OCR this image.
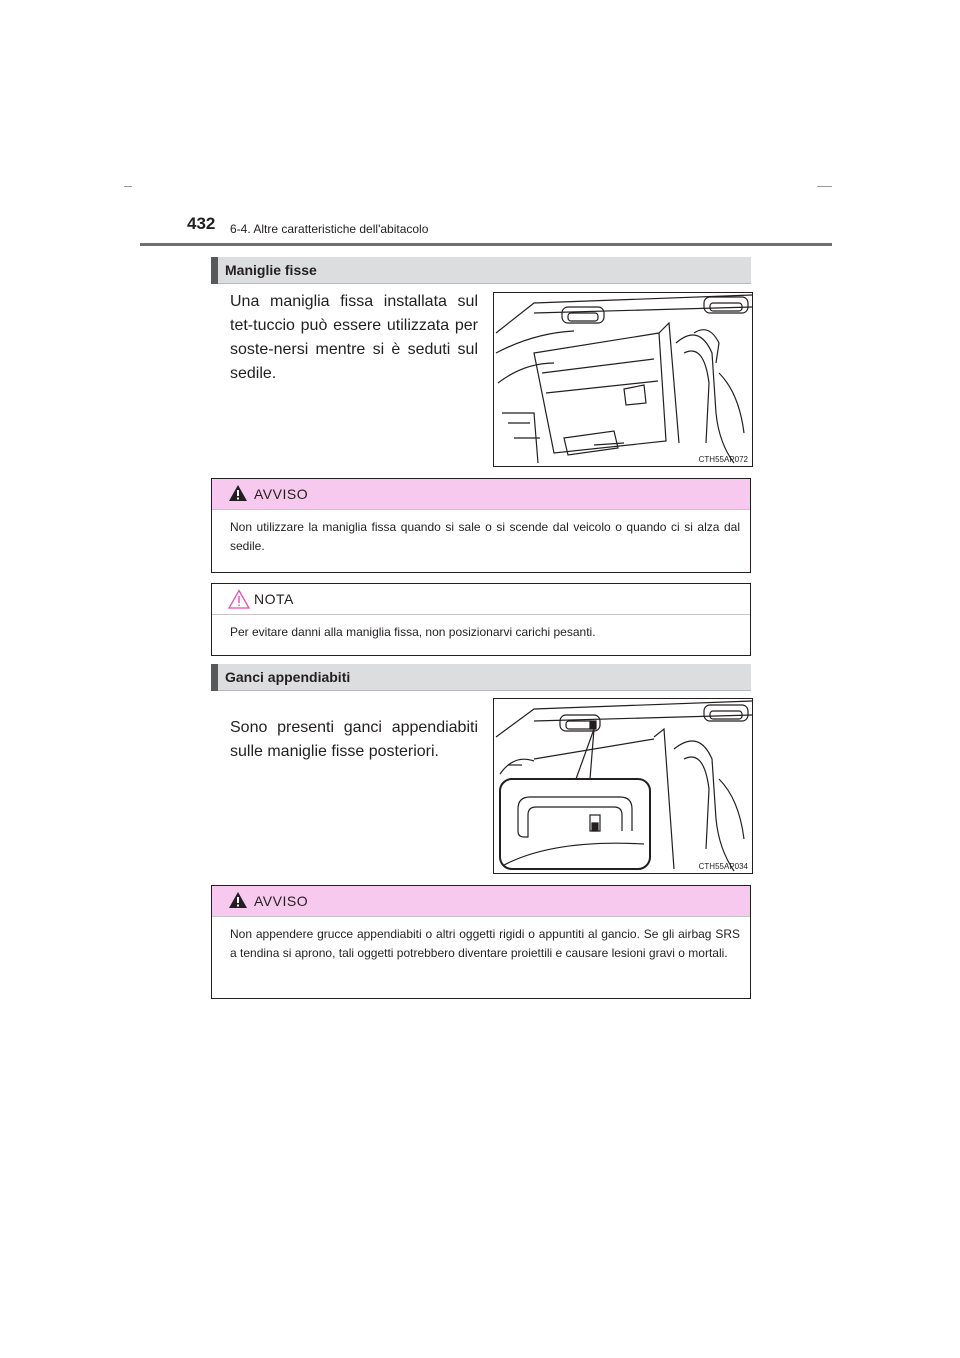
432 6-4. Altre caratteristiche dell'abitacolo
Maniglie fisse
Una maniglia fissa installata sul tet-tuccio può essere utilizzata per soste-nersi mentre si è seduti sul sedile.
CTH55AP072
AVVISO
Non utilizzare la maniglia fissa quando si sale o si scende dal veicolo o quando ci si alza dal sedile.
NOTA
Per evitare danni alla maniglia fissa, non posizionarvi carichi pesanti.
Ganci appendiabiti
Sono presenti ganci appendiabiti sulle maniglie fisse posteriori.
CTH55AP034
AVVISO
Non appendere grucce appendiabiti o altri oggetti rigidi o appuntiti al gancio. Se gli airbag SRS a tendina si aprono, tali oggetti potrebbero diventare proiettili e causare lesioni gravi o mortali.
